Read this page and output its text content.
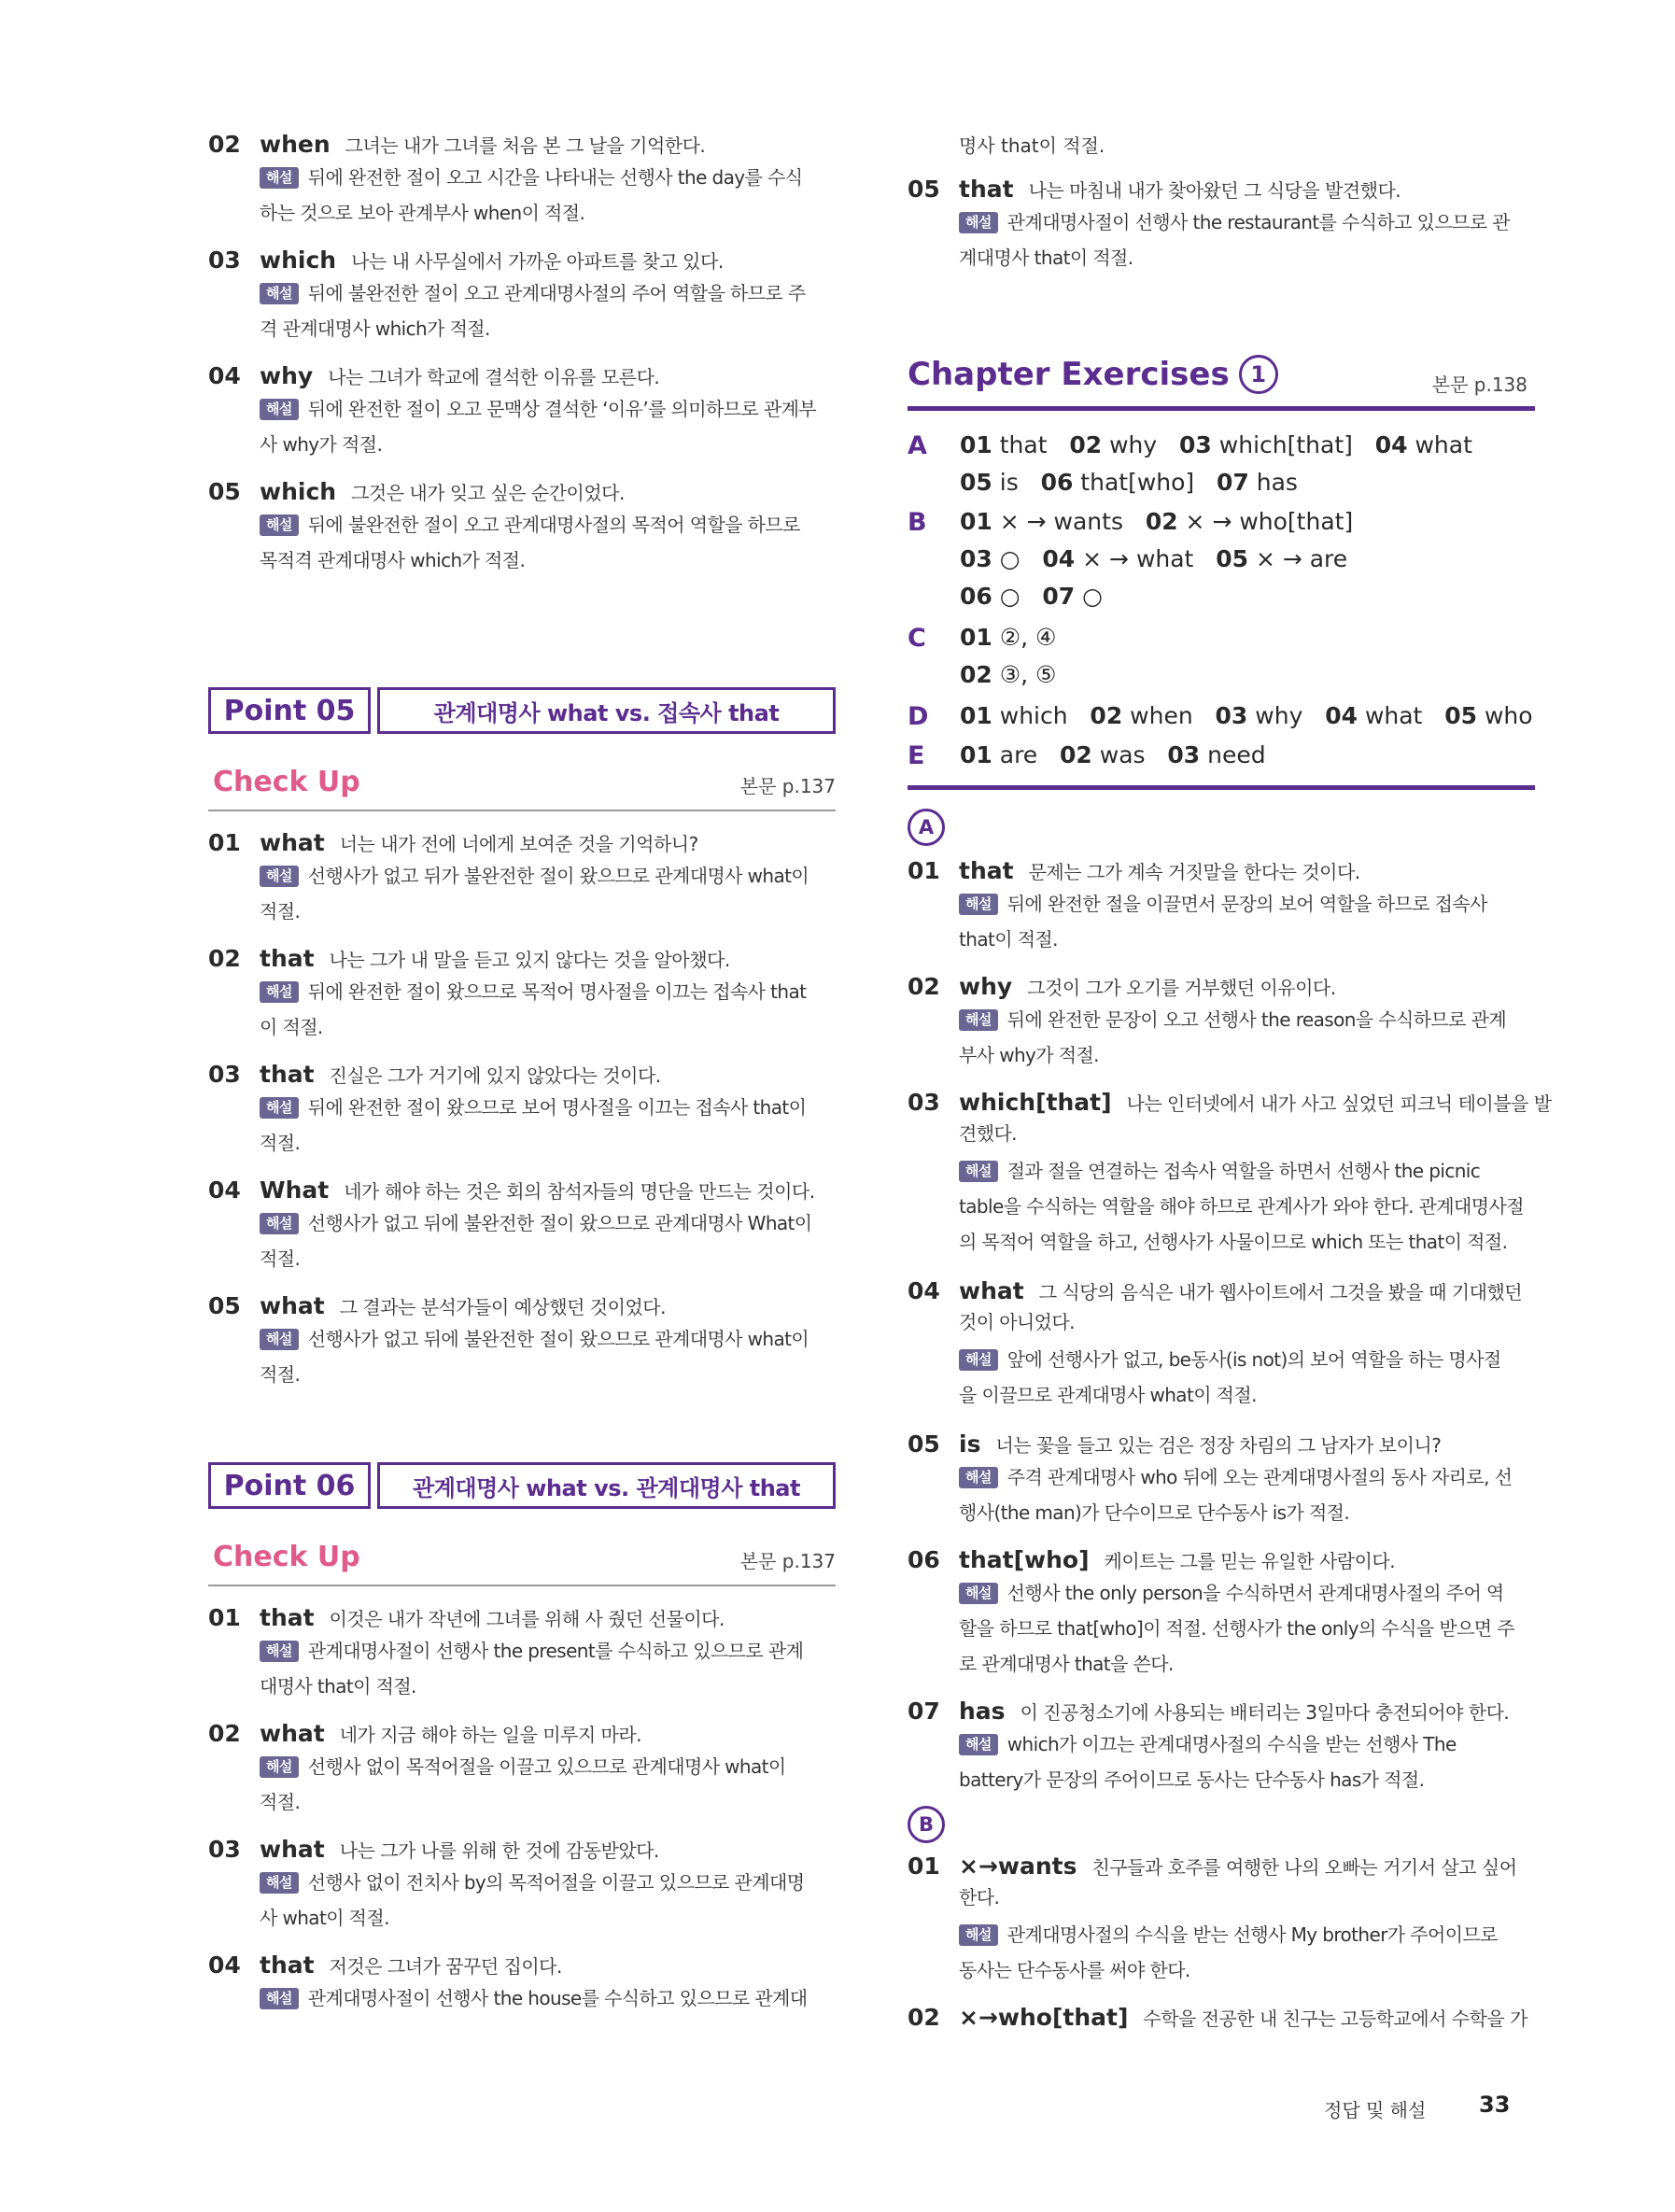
02 when 그녀는 내가 그녀를 처음 본 그 날을 기억한다.
해설 뒤에 완전한 절이 오고 시간을 나타내는 선행사 the day를 수식
하는 것으로 보아 관계부사 when이 적절.
03 which 나는 내 사무실에서 가까운 아파트를 찾고 있다.
해설 뒤에 불완전한 절이 오고 관계대명사절의 주어 역할을 하므로 주
격 관계대명사 which가 적절.
04 why 나는 그녀가 학교에 결석한 이유를 모른다.
해설 뒤에 완전한 절이 오고 문맥상 결석한 ‘이유’를 의미하므로 관계부
사 why가 적절.
05 which 그것은 내가 잊고 싶은 순간이었다.
해설 뒤에 불완전한 절이 오고 관계대명사절의 목적어 역할을 하므로
목적격 관계대명사 which가 적절.
Point 05	관계대명사 what vs. 접속사 that
Check Up	본문 p.137
01 what 너는 내가 전에 너에게 보여준 것을 기억하니?
해설 선행사가 없고 뒤가 불완전한 절이 왔으므로 관계대명사 what이
적절.
02 that 나는 그가 내 말을 듣고 있지 않다는 것을 알아챘다.
해설 뒤에 완전한 절이 왔으므로 목적어 명사절을 이끄는 접속사 that
이 적절.
03 that 진실은 그가 거기에 있지 않았다는 것이다.
해설 뒤에 완전한 절이 왔으므로 보어 명사절을 이끄는 접속사 that이
적절.
04 What 네가 해야 하는 것은 회의 참석자들의 명단을 만드는 것이다.
해설 선행사가 없고 뒤에 불완전한 절이 왔으므로 관계대명사 What이
적절.
05 what 그 결과는 분석가들이 예상했던 것이었다.
해설 선행사가 없고 뒤에 불완전한 절이 왔으므로 관계대명사 what이
적절.
Point 06	관계대명사 what vs. 관계대명사 that
Check Up	본문 p.137
01 that 이것은 내가 작년에 그녀를 위해 사 줬던 선물이다.
해설 관계대명사절이 선행사 the present를 수식하고 있으므로 관계
대명사 that이 적절.
02 what 네가 지금 해야 하는 일을 미루지 마라.
해설 선행사 없이 목적어절을 이끌고 있으므로 관계대명사 what이
적절.
03 what 나는 그가 나를 위해 한 것에 감동받았다.
해설 선행사 없이 전치사 by의 목적어절을 이끌고 있으므로 관계대명
사 what이 적절.
04 that 저것은 그녀가 꿈꾸던 집이다.
해설 관계대명사절이 선행사 the house를 수식하고 있으므로 관계대
명사 that이 적절.
05 that 나는 마침내 내가 찾아왔던 그 식당을 발견했다.
해설 관계대명사절이 선행사 the restaurant를 수식하고 있으므로 관
계대명사 that이 적절.
Chapter Exercises 1	본문 p.138
A 01 that   02 why   03 which[that]   04 what
05 is   06 that[who]   07 has
B 01 × → wants   02 × → who[that]
03 ○   04 × → what   05 × → are
06 ○   07 ○
C 01 ②, ④
02 ③, ⑤
D 01 which   02 when   03 why   04 what   05 who
E 01 are   02 was   03 need
A
01 that 문제는 그가 계속 거짓말을 한다는 것이다.
해설 뒤에 완전한 절을 이끌면서 문장의 보어 역할을 하므로 접속사
that이 적절.
02 why 그것이 그가 오기를 거부했던 이유이다.
해설 뒤에 완전한 문장이 오고 선행사 the reason을 수식하므로 관계
부사 why가 적절.
03 which[that] 나는 인터넷에서 내가 사고 싶었던 피크닉 테이블을 발
견했다.
해설 절과 절을 연결하는 접속사 역할을 하면서 선행사 the picnic
table을 수식하는 역할을 해야 하므로 관계사가 와야 한다. 관계대명사절
의 목적어 역할을 하고, 선행사가 사물이므로 which 또는 that이 적절.
04 what 그 식당의 음식은 내가 웹사이트에서 그것을 봤을 때 기대했던
것이 아니었다.
해설 앞에 선행사가 없고, be동사(is not)의 보어 역할을 하는 명사절
을 이끌므로 관계대명사 what이 적절.
05 is 너는 꽃을 들고 있는 검은 정장 차림의 그 남자가 보이니?
해설 주격 관계대명사 who 뒤에 오는 관계대명사절의 동사 자리로, 선
행사(the man)가 단수이므로 단수동사 is가 적절.
06 that[who] 케이트는 그를 믿는 유일한 사람이다.
해설 선행사 the only person을 수식하면서 관계대명사절의 주어 역
할을 하므로 that[who]이 적절. 선행사가 the only의 수식을 받으면 주
로 관계대명사 that을 쓴다.
07 has 이 진공청소기에 사용되는 배터리는 3일마다 충전되어야 한다.
해설 which가 이끄는 관계대명사절의 수식을 받는 선행사 The
battery가 문장의 주어이므로 동사는 단수동사 has가 적절.
B
01 ×→wants 친구들과 호주를 여행한 나의 오빠는 거기서 살고 싶어
한다.
해설 관계대명사절의 수식을 받는 선행사 My brother가 주어이므로
동사는 단수동사를 써야 한다.
02 ×→who[that] 수학을 전공한 내 친구는 고등학교에서 수학을 가
정답 및 해설 33
